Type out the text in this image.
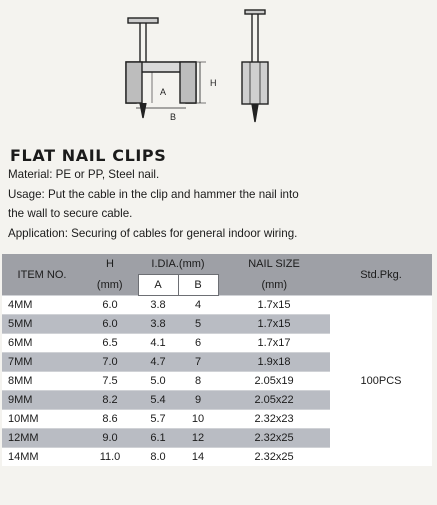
H
A
B
FLAT NAIL CLIPS
Material: PE or PP, Steel nail.
Usage: Put the cable in the clip and hammer the nail into
the wall to secure cable.
Application: Securing of cables for general indoor wiring.
ITEM NO.	H	I.DIA.(mm)		NAIL SIZE	Std.Pkg.
	(mm)	A	B	(mm)	
4MM	6.0	3.8	4	1.7x15	100PCS
5MM	6.0	3.8	5	1.7x15	
6MM	6.5	4.1	6	1.7x17	
7MM	7.0	4.7	7	1.9x18	
8MM	7.5	5.0	8	2.05x19	
9MM	8.2	5.4	9	2.05x22	
10MM	8.6	5.7	10	2.32x23	
12MM	9.0	6.1	12	2.32x25	
14MM	11.0	8.0	14	2.32x25	
